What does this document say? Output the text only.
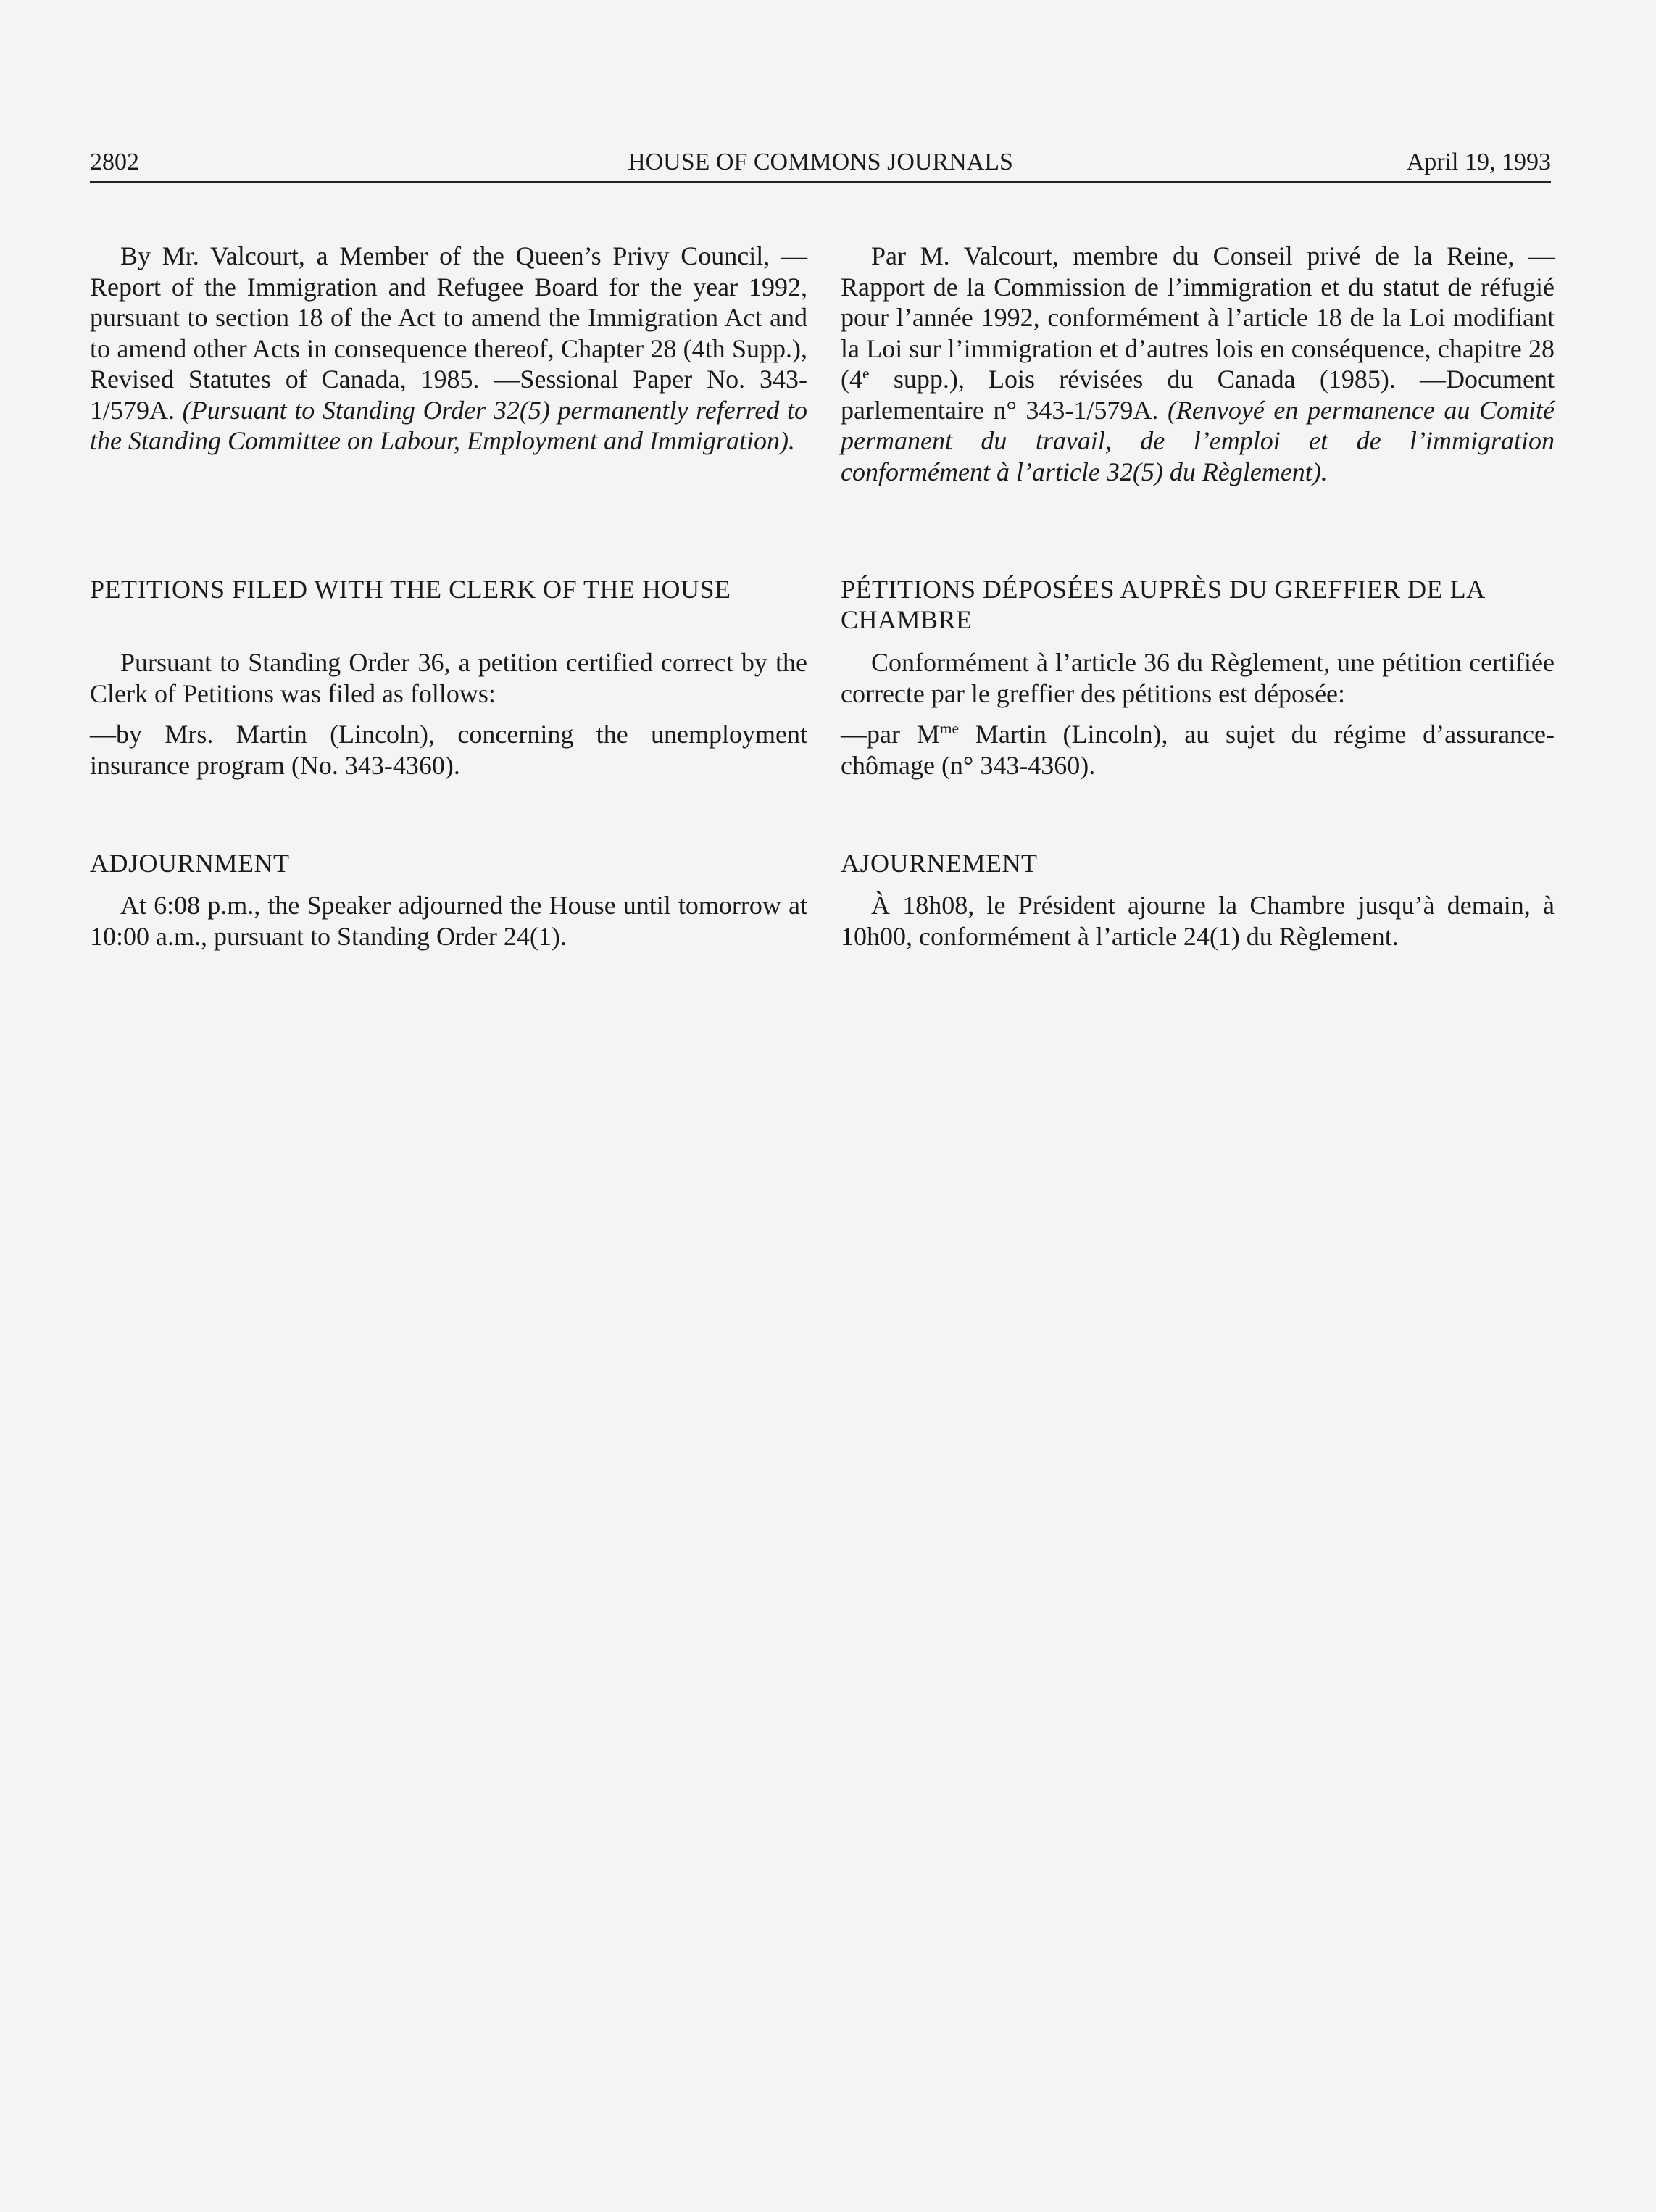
2802	HOUSE OF COMMONS JOURNALS	April 19, 1993

By Mr. Valcourt, a Member of the Queen’s Privy Council, —Report of the Immigration and Refugee Board for the year 1992, pursuant to section 18 of the Act to amend the Immigration Act and to amend other Acts in consequence thereof, Chapter 28 (4th Supp.), Revised Statutes of Canada, 1985. —Sessional Paper No. 343-1/579A. (Pursuant to Standing Order 32(5) permanently referred to the Standing Committee on Labour, Employment and Immigration).

PETITIONS FILED WITH THE CLERK OF THE HOUSE

Pursuant to Standing Order 36, a petition certified correct by the Clerk of Petitions was filed as follows:

—by Mrs. Martin (Lincoln), concerning the unemployment insurance program (No. 343-4360).

ADJOURNMENT

At 6:08 p.m., the Speaker adjourned the House until tomorrow at 10:00 a.m., pursuant to Standing Order 24(1).

Par M. Valcourt, membre du Conseil privé de la Reine, —Rapport de la Commission de l’immigration et du statut de réfugié pour l’année 1992, conformément à l’article 18 de la Loi modifiant la Loi sur l’immigration et d’autres lois en conséquence, chapitre 28 (4e supp.), Lois révisées du Canada (1985). —Document parlementaire n° 343-1/579A. (Renvoyé en permanence au Comité permanent du travail, de l’emploi et de l’immigration conformément à l’article 32(5) du Règlement).

PÉTITIONS DÉPOSÉES AUPRÈS DU GREFFIER DE LA CHAMBRE

Conformément à l’article 36 du Règlement, une pétition certifiée correcte par le greffier des pétitions est déposée:

—par $M^{me}$ Martin (Lincoln), au sujet du régime d’assurance-chômage (n° 343-4360).

AJOURNEMENT

À 18h08, le Président ajourne la Chambre jusqu’à demain, à 10h00, conformément à l’article 24(1) du Règlement.
